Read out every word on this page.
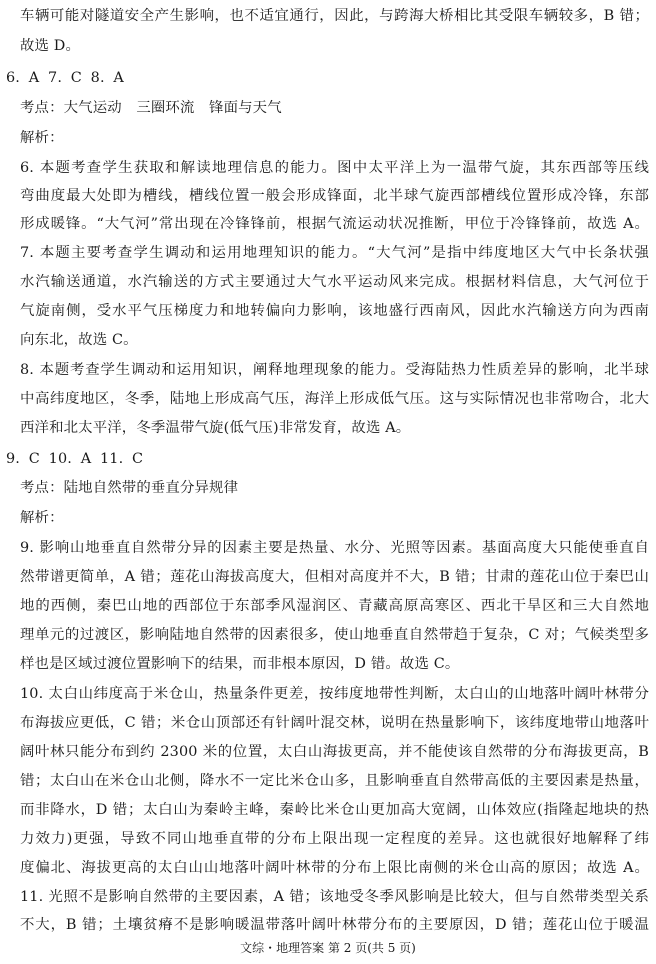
车辆可能对隧道安全产生影响，也不适宜通行，因此，与跨海大桥相比其受限车辆较多，B 错；
故选 D。
6. A 7. C 8. A
考点：大气运动　三圈环流　锋面与天气
解析：
6. 本题考查学生获取和解读地理信息的能力。图中太平洋上为一温带气旋，其东西部等压线
弯曲度最大处即为槽线，槽线位置一般会形成锋面，北半球气旋西部槽线位置形成冷锋，东部
形成暖锋。“大气河”常出现在冷锋锋前，根据气流运动状况推断，甲位于冷锋锋前，故选 A。
7. 本题主要考查学生调动和运用地理知识的能力。“大气河”是指中纬度地区大气中长条状强
水汽输送通道，水汽输送的方式主要通过大气水平运动风来完成。根据材料信息，大气河位于
气旋南侧，受水平气压梯度力和地转偏向力影响，该地盛行西南风，因此水汽输送方向为西南
向东北，故选 C。
8. 本题考查学生调动和运用知识，阐释地理现象的能力。受海陆热力性质差异的影响，北半球
中高纬度地区，冬季，陆地上形成高气压，海洋上形成低气压。这与实际情况也非常吻合，北大
西洋和北太平洋，冬季温带气旋(低气压)非常发育，故选 A。
9. C 10. A 11. C
考点：陆地自然带的垂直分异规律
解析：
9. 影响山地垂直自然带分异的因素主要是热量、水分、光照等因素。基面高度大只能使垂直自
然带谱更简单，A 错；莲花山海拔高度大，但相对高度并不大，B 错；甘肃的莲花山位于秦巴山
地的西侧，秦巴山地的西部位于东部季风湿润区、青藏高原高寒区、西北干旱区和三大自然地
理单元的过渡区，影响陆地自然带的因素很多，使山地垂直自然带趋于复杂，C 对；气候类型多
样也是区域过渡位置影响下的结果，而非根本原因，D 错。故选 C。
10. 太白山纬度高于米仓山，热量条件更差，按纬度地带性判断，太白山的山地落叶阔叶林带分
布海拔应更低，C 错；米仓山顶部还有针阔叶混交林，说明在热量影响下，该纬度地带山地落叶
阔叶林只能分布到约 2300 米的位置，太白山海拔更高，并不能使该自然带的分布海拔更高，B
错；太白山在米仓山北侧，降水不一定比米仓山多，且影响垂直自然带高低的主要因素是热量，
而非降水，D 错；太白山为秦岭主峰，秦岭比米仓山更加高大宽阔，山体效应(指隆起地块的热
力效力)更强，导致不同山地垂直带的分布上限出现一定程度的差异。这也就很好地解释了纬
度偏北、海拔更高的太白山山地落叶阔叶林带的分布上限比南侧的米仓山高的原因；故选 A。
11. 光照不是影响自然带的主要因素，A 错；该地受冬季风影响是比较大，但与自然带类型关系
不大，B 错；土壤贫瘠不是影响暖温带落叶阔叶林带分布的主要原因，D 错；莲花山位于暖温
文综・地理答案 第 2 页(共 5 页)
